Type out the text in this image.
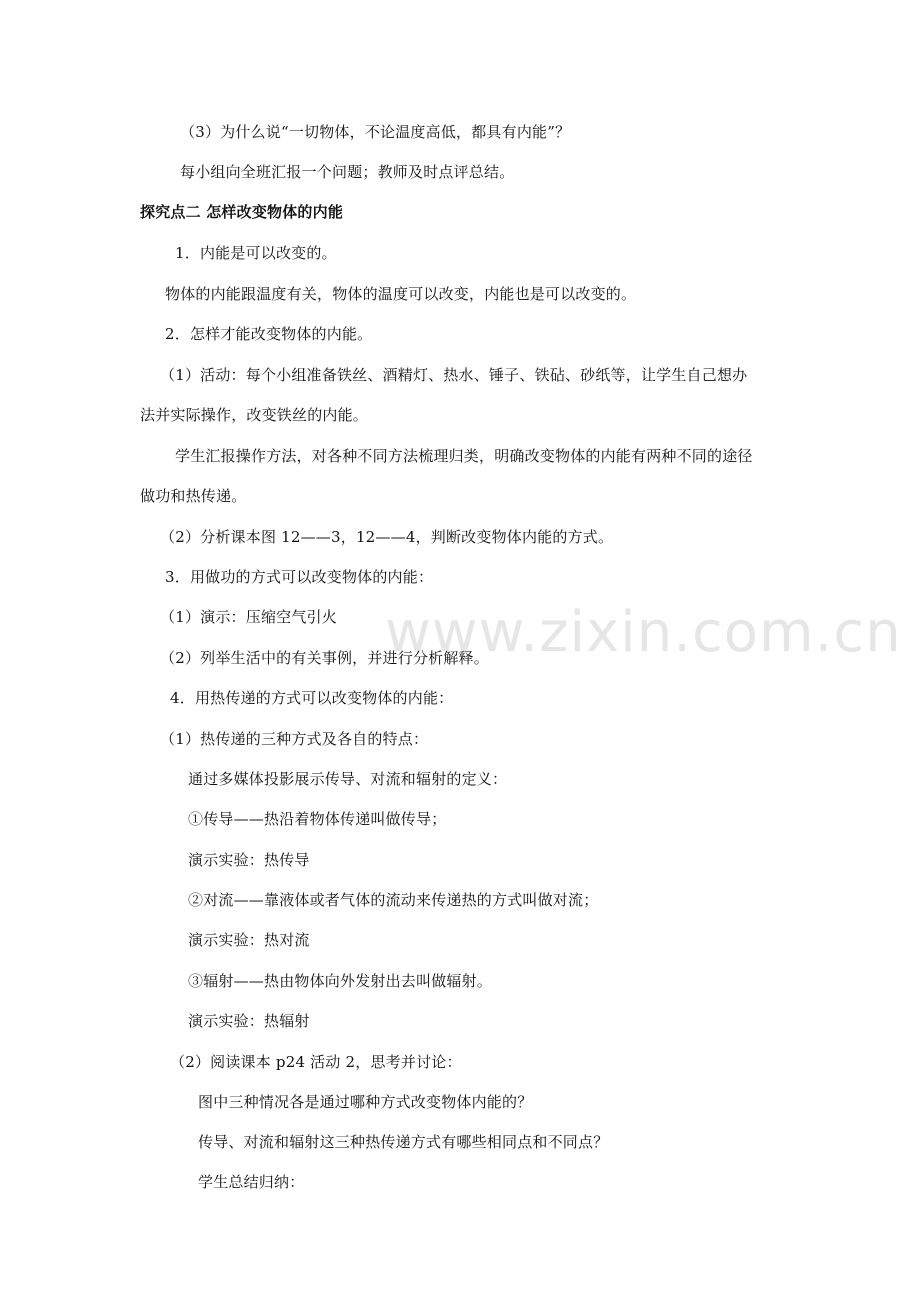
（3）为什么说“一切物体，不论温度高低，都具有内能”？
每小组向全班汇报一个问题；教师及时点评总结。
探究点二 怎样改变物体的内能
1．内能是可以改变的。
物体的内能跟温度有关，物体的温度可以改变，内能也是可以改变的。
2．怎样才能改变物体的内能。
（1）活动：每个小组准备铁丝、酒精灯、热水、锤子、铁砧、砂纸等，让学生自己想办
法并实际操作，改变铁丝的内能。
学生汇报操作方法，对各种不同方法梳理归类，明确改变物体的内能有两种不同的途径
做功和热传递。
（2）分析课本图 12——3，12——4，判断改变物体内能的方式。
3．用做功的方式可以改变物体的内能：
（1）演示：压缩空气引火
（2）列举生活中的有关事例，并进行分析解释。
4．用热传递的方式可以改变物体的内能：
（1）热传递的三种方式及各自的特点：
通过多媒体投影展示传导、对流和辐射的定义：
①传导——热沿着物体传递叫做传导；
演示实验：热传导
②对流——靠液体或者气体的流动来传递热的方式叫做对流；
演示实验：热对流
③辐射——热由物体向外发射出去叫做辐射。
演示实验：热辐射
（2）阅读课本 p24 活动 2，思考并讨论：
图中三种情况各是通过哪种方式改变物体内能的？
传导、对流和辐射这三种热传递方式有哪些相同点和不同点？
学生总结归纳：
www.zixin.com.cn
